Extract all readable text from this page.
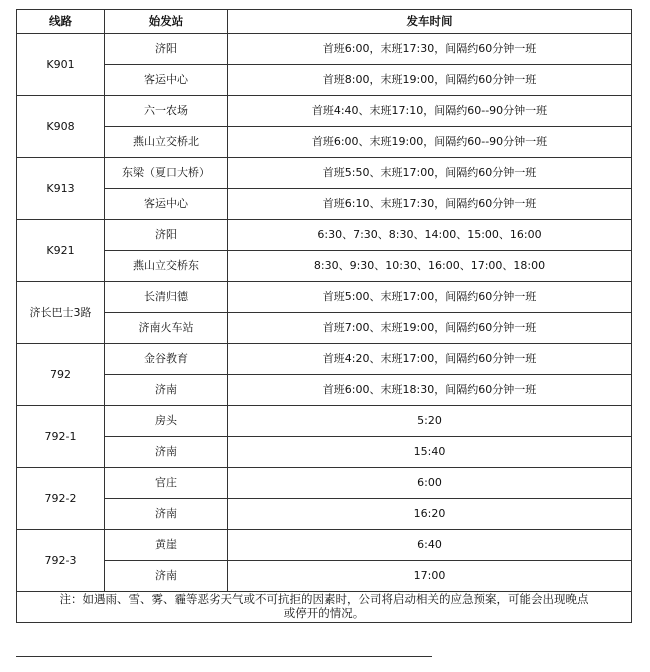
线路	始发站	发车时间
K901	济阳	首班6:00，末班17:30，间隔约60分钟一班
	客运中心	首班8:00，末班19:00，间隔约60分钟一班
K908	六一农场	首班4:40、末班17:10，间隔约60--90分钟一班
	燕山立交桥北	首班6:00、末班19:00，间隔约60--90分钟一班
K913	东梁（夏口大桥）	首班5:50、末班17:00，间隔约60分钟一班
	客运中心	首班6:10、末班17:30，间隔约60分钟一班
K921	济阳	6:30、7:30、8:30、14:00、15:00、16:00
	燕山立交桥东	8:30、9:30、10:30、16:00、17:00、18:00
济长巴士3路	长清归德	首班5:00、末班17:00，间隔约60分钟一班
	济南火车站	首班7:00、末班19:00，间隔约60分钟一班
792	金谷教育	首班4:20、末班17:00，间隔约60分钟一班
	济南	首班6:00、末班18:30，间隔约60分钟一班
792-1	房头	5:20
	济南	15:40
792-2	官庄	6:00
	济南	16:20
792-3	黄崖	6:40
	济南	17:00
注：如遇雨、雪、雾、霾等恶劣天气或不可抗拒的因素时，公司将启动相关的应急预案，可能会出现晚点
或停开的情况。		
